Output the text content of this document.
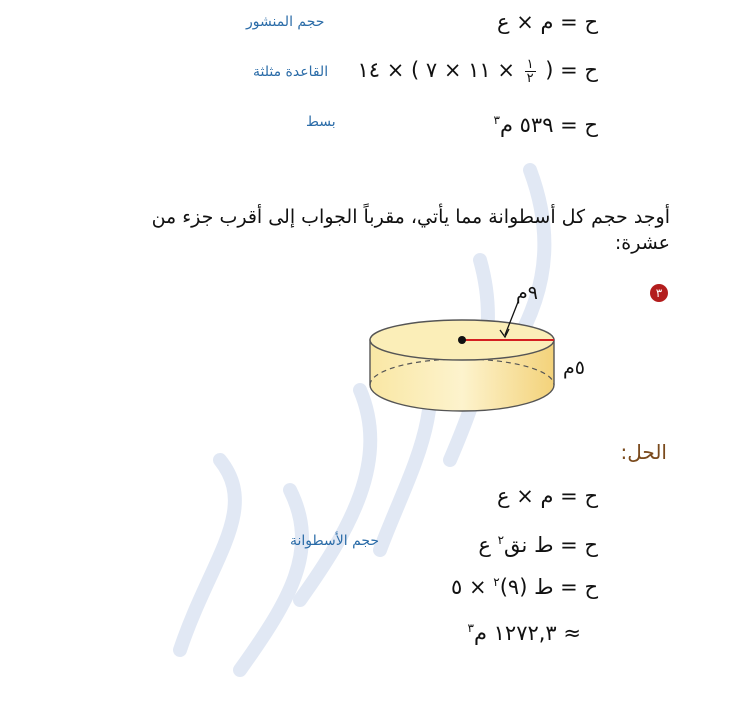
ح = م × ع
حجم المنشور
ح = (
$\frac{١}{٢}$
× ١١ × ٧ ) × ١٤
القاعدة مثلثة
ح = ٥٣٩ م$^٣$
بسط
أوجد حجم كل أسطوانة مما يأتي، مقرباً الجواب إلى أقرب جزء من عشرة:
٣
٩م
٥م
الحل:
ح = م × ع
ح = ط نق$^٢$ ع
حجم الأسطوانة
ح = ط (٩)$^٢$ × ٥
≈ ١٢٧٢,٣ م$^٣$
